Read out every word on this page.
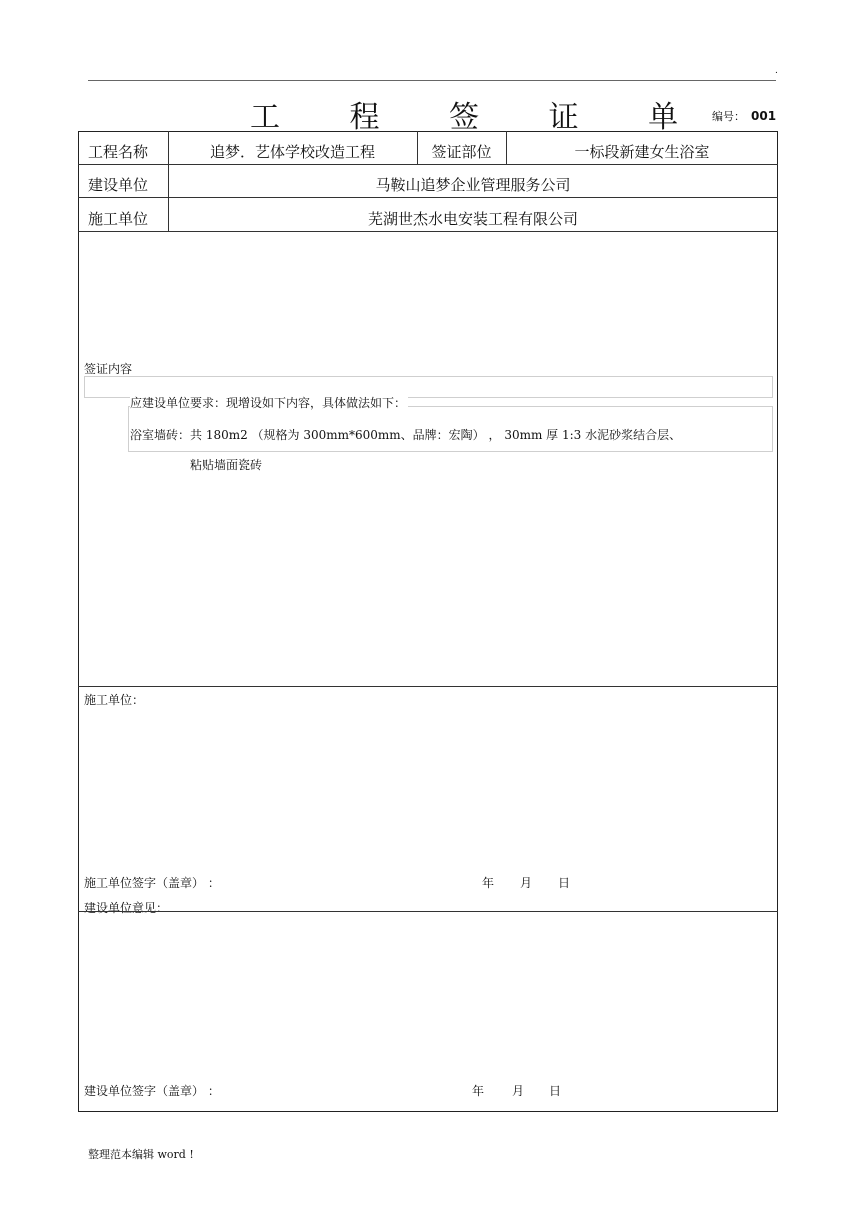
.
工 程 签 证 单 编号： 001
工程名称	追梦．艺体学校改造工程	签证部位	一标段新建女生浴室
建设单位	马鞍山追梦企业管理服务公司
施工单位	芜湖世杰水电安装工程有限公司
签证内容
应建设单位要求：现增设如下内容，具体做法如下：
浴室墙砖：共 180m2 （规格为 300mm*600mm、品牌：宏陶） ， 30mm 厚 1:3 水泥砂浆结合层、
粘贴墙面瓷砖
施工单位：
施工单位签字（盖章） ：	年 月 日
建设单位意见：
建设单位签字（盖章） ：	年 月 日
整理范本编辑 word !
